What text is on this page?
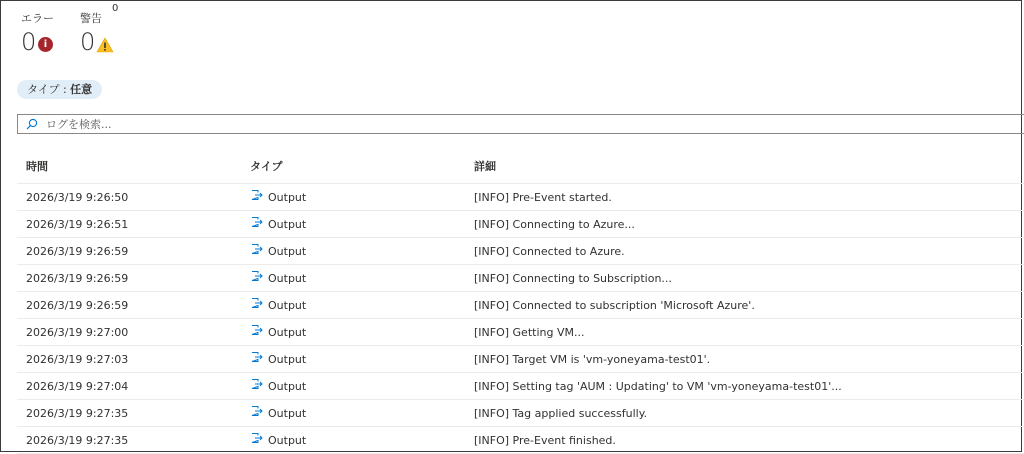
エラー
0 i
警告
0
0
タイプ : 任意
ログを検索...
時間	タイプ	詳細
2026/3/19 9:26:50	Output	[INFO] Pre-Event started.
2026/3/19 9:26:51	Output	[INFO] Connecting to Azure...
2026/3/19 9:26:59	Output	[INFO] Connected to Azure.
2026/3/19 9:26:59	Output	[INFO] Connecting to Subscription...
2026/3/19 9:26:59	Output	[INFO] Connected to subscription 'Microsoft Azure'.
2026/3/19 9:27:00	Output	[INFO] Getting VM...
2026/3/19 9:27:03	Output	[INFO] Target VM is 'vm-yoneyama-test01'.
2026/3/19 9:27:04	Output	[INFO] Setting tag 'AUM : Updating' to VM 'vm-yoneyama-test01'...
2026/3/19 9:27:35	Output	[INFO] Tag applied successfully.
2026/3/19 9:27:35	Output	[INFO] Pre-Event finished.
